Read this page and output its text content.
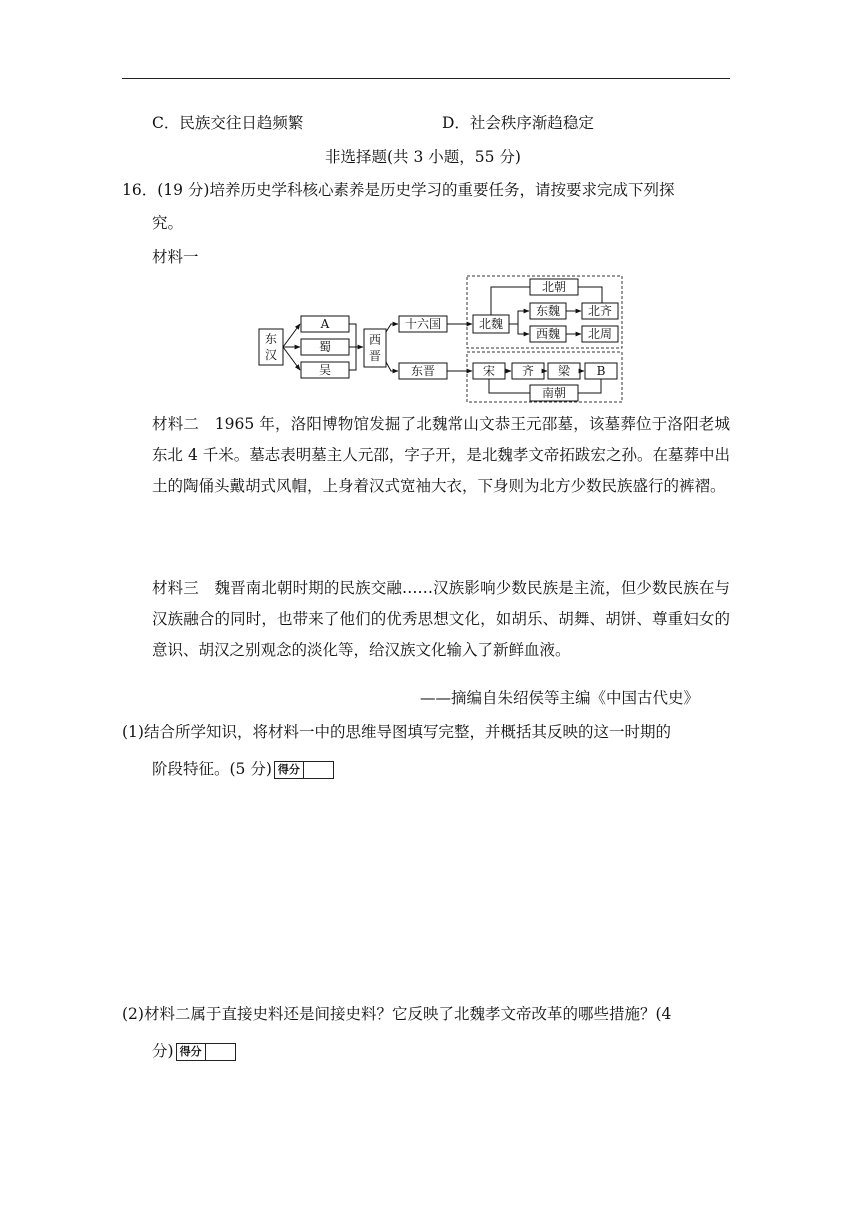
C．民族交往日趋频繁	D．社会秩序渐趋稳定
非选择题(共 3 小题，55 分)
16．(19 分)培养历史学科核心素养是历史学习的重要任务，请按要求完成下列探
究。
材料一
东
汉
A
蜀
吴
西
晋
十六国
东晋
北魏
北朝
东魏 北齐
西魏 北周
宋 齐 梁 B
南朝
材料二　1965 年，洛阳博物馆发掘了北魏常山文恭王元邵墓，该墓葬位于洛阳老城东北 4 千米。墓志表明墓主人元邵，字子开，是北魏孝文帝拓跋宏之孙。在墓葬中出土的陶俑头戴胡式风帽，上身着汉式宽袖大衣，下身则为北方少数民族盛行的裤褶。
材料三　魏晋南北朝时期的民族交融……汉族影响少数民族是主流，但少数民族在与汉族融合的同时，也带来了他们的优秀思想文化，如胡乐、胡舞、胡饼、尊重妇女的意识、胡汉之别观念的淡化等，给汉族文化输入了新鲜血液。
——摘编自朱绍侯等主编《中国古代史》
(1)结合所学知识，将材料一中的思维导图填写完整，并概括其反映的这一时期的
阶段特征。(5 分) 得分
(2)材料二属于直接史料还是间接史料？它反映了北魏孝文帝改革的哪些措施？(4
分) 得分
